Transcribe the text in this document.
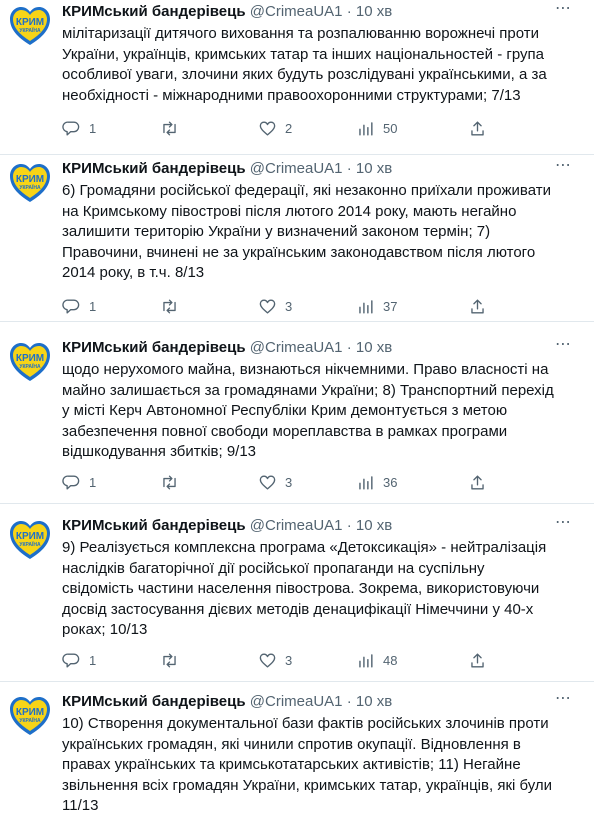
КРИМ
УКРАЇНА
КРИМський бандерівець @CrimeaUA1 · 10 хв	⋯
мілітаризації дитячого виховання та розпалюванню ворожнечі проти
України, українців, кримських татар та інших національностей - група
особливої уваги, злочини яких будуть розслідувані українськими, а за
необхідності - міжнародними правоохоронними структурами; 7/13
1	2	50
КРИМ
УКРАЇНА
КРИМський бандерівець @CrimeaUA1 · 10 хв	⋯
6) Громадяни російської федерації, які незаконно приїхали проживати
на Кримському півострові після лютого 2014 року, мають негайно
залишити територію України у визначений законом термін; 7)
Правочини, вчинені не за українським законодавством після лютого
2014 року, в т.ч. 8/13
1	3	37
КРИМ
УКРАЇНА
КРИМський бандерівець @CrimeaUA1 · 10 хв	⋯
щодо нерухомого майна, визнаються нікчемними. Право власності на
майно залишається за громадянами України; 8) Транспортний перехід
у місті Керч Автономної Республіки Крим демонтується з метою
забезпечення повної свободи мореплавства в рамках програми
відшкодування збитків; 9/13
1	3	36
КРИМ
УКРАЇНА
КРИМський бандерівець @CrimeaUA1 · 10 хв	⋯
9) Реалізується комплексна програма «Детоксикація» - нейтралізація
наслідків багаторічної дії російської пропаганди на суспільну
свідомість частини населення півострова. Зокрема, використовуючи
досвід застосування дієвих методів денацифікації Німеччини у 40-х
роках; 10/13
1	3	48
КРИМ
УКРАЇНА
КРИМський бандерівець @CrimeaUA1 · 10 хв	⋯
10) Створення документальної бази фактів російських злочинів проти
українських громадян, які чинили спротив окупації. Відновлення в
правах українських та кримськотатарських активістів; 11) Негайне
звільнення всіх громадян України, кримських татар, українців, які були
11/13
